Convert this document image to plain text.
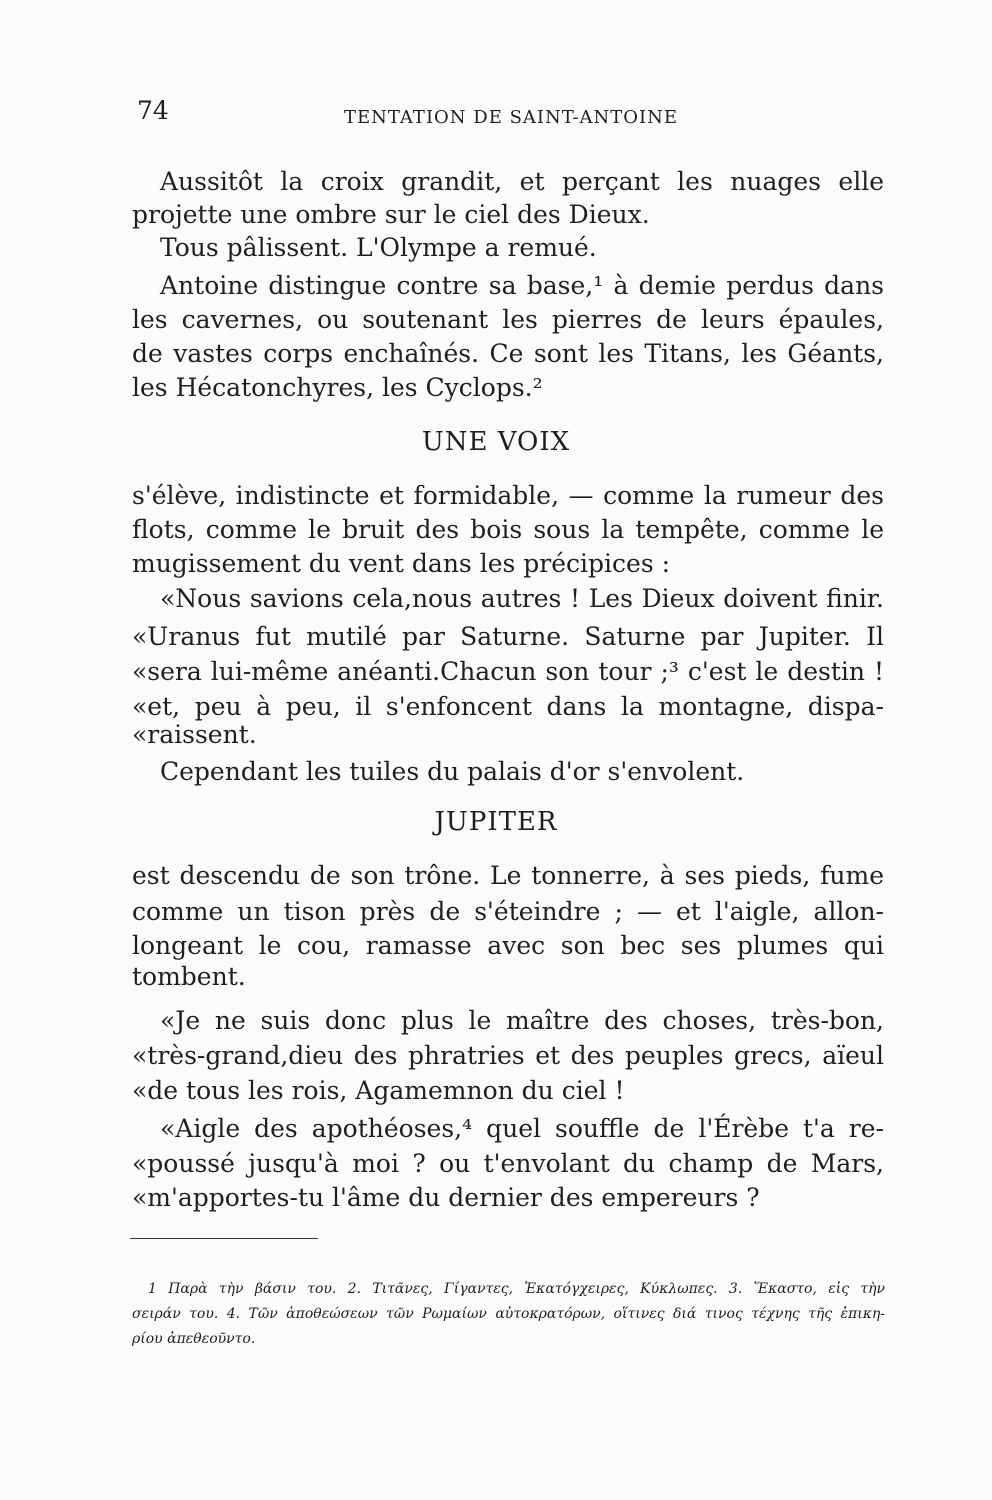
74	TENTATION DE SAINT-ANTOINE
Aussitôt la croix grandit, et perçant les nuages elle
projette une ombre sur le ciel des Dieux.
Tous pâlissent. L'Olympe a remué.
Antoine distingue contre sa base,¹ à demie perdus dans
les cavernes, ou soutenant les pierres de leurs épaules,
de vastes corps enchaînés. Ce sont les Titans, les Géants,
les Hécatonchyres, les Cyclops.²
UNE VOIX
s'élève, indistincte et formidable, — comme la rumeur des
flots, comme le bruit des bois sous la tempête, comme le
mugissement du vent dans les précipices :
«Nous savions cela,nous autres ! Les Dieux doivent finir.
«Uranus fut mutilé par Saturne. Saturne par Jupiter. Il
«sera lui-même anéanti.Chacun son tour ;³ c'est le destin !
«et, peu à peu, il s'enfoncent dans la montagne, dispa-
«raissent.
Cependant les tuiles du palais d'or s'envolent.
JUPITER
est descendu de son trône. Le tonnerre, à ses pieds, fume
comme un tison près de s'éteindre ; — et l'aigle, allon-
longeant le cou, ramasse avec son bec ses plumes qui
tombent.
«Je ne suis donc plus le maître des choses, très-bon,
«très-grand,dieu des phratries et des peuples grecs, aïeul
«de tous les rois, Agamemnon du ciel !
«Aigle des apothéoses,⁴ quel souffle de l'Érèbe t'a re-
«poussé jusqu'à moi ? ou t'envolant du champ de Mars,
«m'apportes-tu l'âme du dernier des empereurs ?
1 Παρὰ τὴν βάσιν του. 2. Τιτᾶνες, Γίγαντες, Ἑκατόγχειρες, Κύκλωπες. 3. Ἕκαστο, εἰς τὴν
σειράν του. 4. Τῶν ἀποθεώσεων τῶν Ρωμαίων αὐτοκρατόρων, οἵτινες διά τινος τέχνης τῆς ἐπικη-
ρίου ἀπεθεοῦντο.
